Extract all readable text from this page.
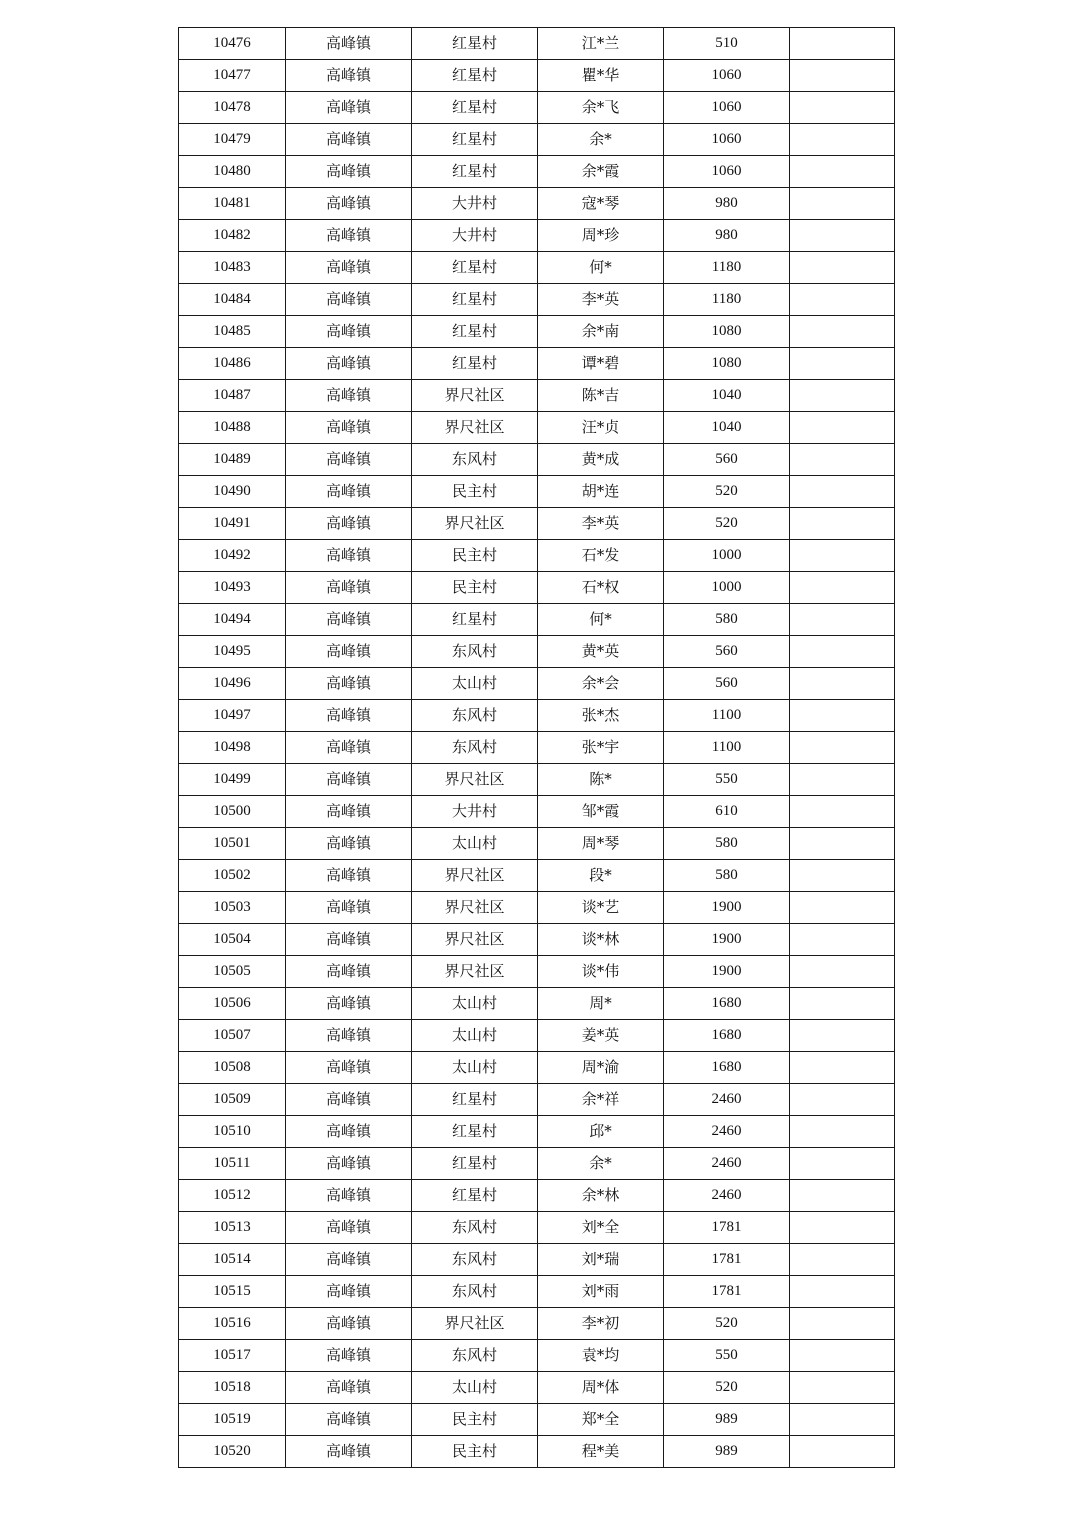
10476	高峰镇	红星村	江*兰	510	
10477	高峰镇	红星村	瞿*华	1060	
10478	高峰镇	红星村	余*飞	1060	
10479	高峰镇	红星村	余*	1060	
10480	高峰镇	红星村	余*霞	1060	
10481	高峰镇	大井村	寇*琴	980	
10482	高峰镇	大井村	周*珍	980	
10483	高峰镇	红星村	何*	1180	
10484	高峰镇	红星村	李*英	1180	
10485	高峰镇	红星村	余*南	1080	
10486	高峰镇	红星村	谭*碧	1080	
10487	高峰镇	界尺社区	陈*吉	1040	
10488	高峰镇	界尺社区	汪*贞	1040	
10489	高峰镇	东风村	黄*成	560	
10490	高峰镇	民主村	胡*连	520	
10491	高峰镇	界尺社区	李*英	520	
10492	高峰镇	民主村	石*发	1000	
10493	高峰镇	民主村	石*权	1000	
10494	高峰镇	红星村	何*	580	
10495	高峰镇	东风村	黄*英	560	
10496	高峰镇	太山村	余*会	560	
10497	高峰镇	东风村	张*杰	1100	
10498	高峰镇	东风村	张*宇	1100	
10499	高峰镇	界尺社区	陈*	550	
10500	高峰镇	大井村	邹*霞	610	
10501	高峰镇	太山村	周*琴	580	
10502	高峰镇	界尺社区	段*	580	
10503	高峰镇	界尺社区	谈*艺	1900	
10504	高峰镇	界尺社区	谈*林	1900	
10505	高峰镇	界尺社区	谈*伟	1900	
10506	高峰镇	太山村	周*	1680	
10507	高峰镇	太山村	姜*英	1680	
10508	高峰镇	太山村	周*渝	1680	
10509	高峰镇	红星村	余*祥	2460	
10510	高峰镇	红星村	邱*	2460	
10511	高峰镇	红星村	余*	2460	
10512	高峰镇	红星村	余*林	2460	
10513	高峰镇	东风村	刘*全	1781	
10514	高峰镇	东风村	刘*瑞	1781	
10515	高峰镇	东风村	刘*雨	1781	
10516	高峰镇	界尺社区	李*初	520	
10517	高峰镇	东风村	袁*均	550	
10518	高峰镇	太山村	周*体	520	
10519	高峰镇	民主村	郑*全	989	
10520	高峰镇	民主村	程*美	989	
